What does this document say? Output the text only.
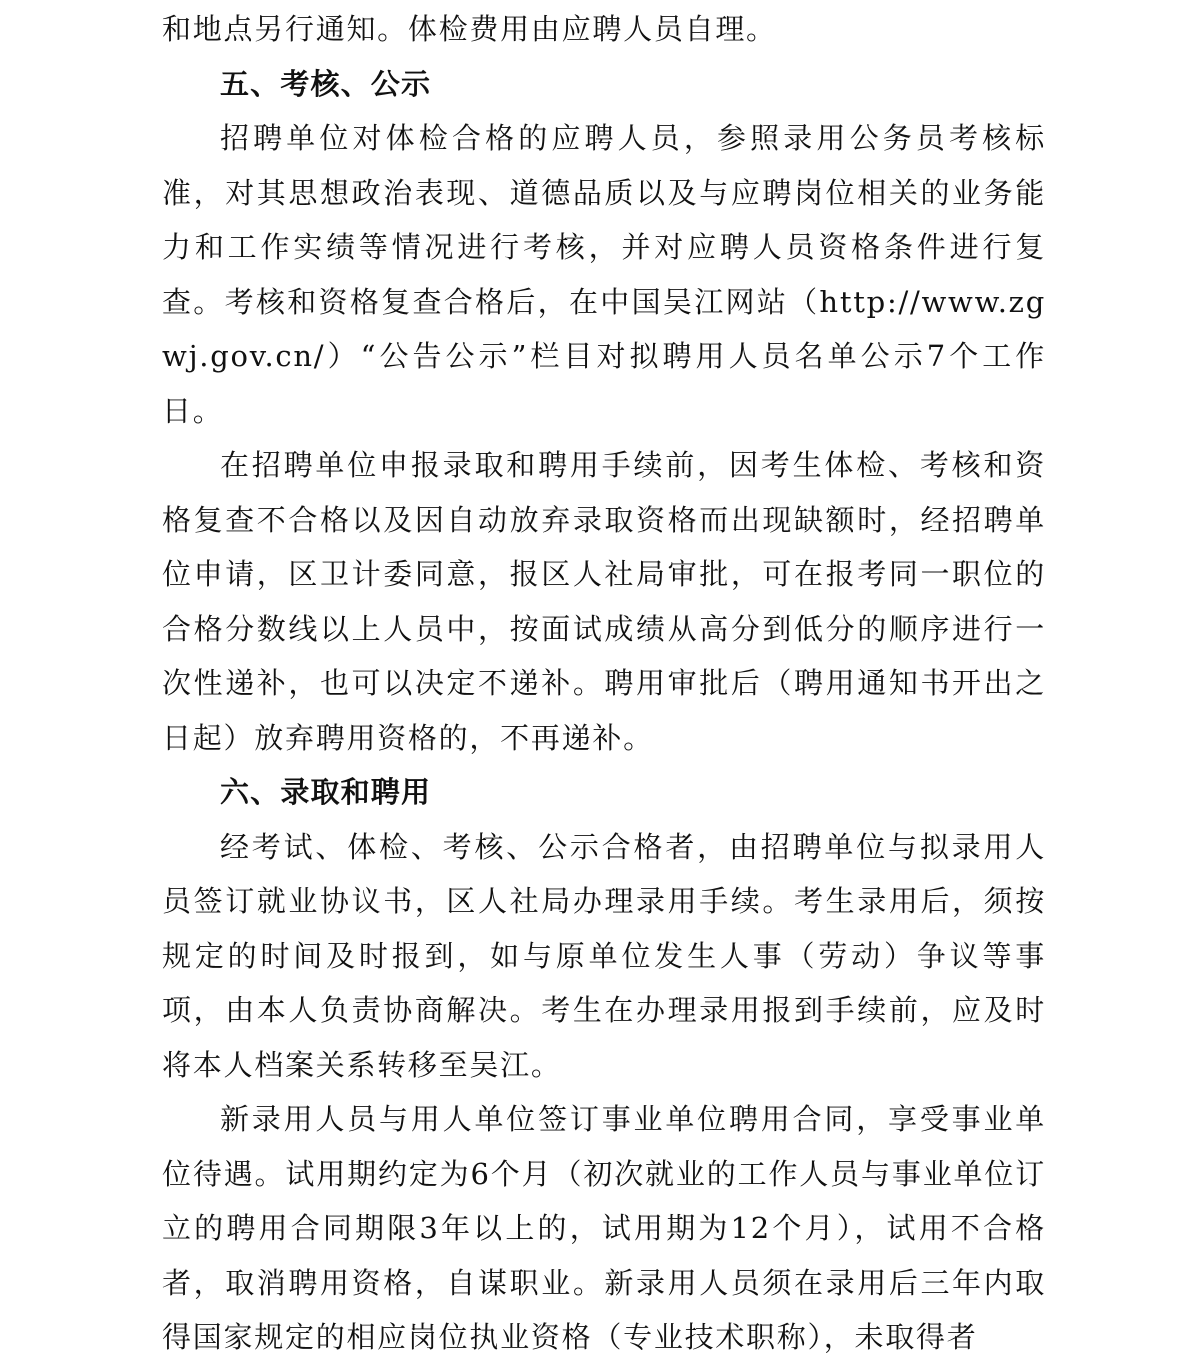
和地点另行通知。体检费用由应聘人员自理。

五、考核、公示

招聘单位对体检合格的应聘人员，参照录用公务员考核标准，对其思想政治表现、道德品质以及与应聘岗位相关的业务能力和工作实绩等情况进行考核，并对应聘人员资格条件进行复查。考核和资格复查合格后，在中国吴江网站（http://www.zgwj.gov.cn/）“公告公示”栏目对拟聘用人员名单公示7个工作日。

在招聘单位申报录取和聘用手续前，因考生体检、考核和资格复查不合格以及因自动放弃录取资格而出现缺额时，经招聘单位申请，区卫计委同意，报区人社局审批，可在报考同一职位的合格分数线以上人员中，按面试成绩从高分到低分的顺序进行一次性递补，也可以决定不递补。聘用审批后（聘用通知书开出之日起）放弃聘用资格的，不再递补。

六、录取和聘用

经考试、体检、考核、公示合格者，由招聘单位与拟录用人员签订就业协议书，区人社局办理录用手续。考生录用后，须按规定的时间及时报到，如与原单位发生人事（劳动）争议等事项，由本人负责协商解决。考生在办理录用报到手续前，应及时将本人档案关系转移至吴江。

新录用人员与用人单位签订事业单位聘用合同，享受事业单位待遇。试用期约定为6个月（初次就业的工作人员与事业单位订立的聘用合同期限3年以上的，试用期为12个月），试用不合格者，取消聘用资格，自谋职业。新录用人员须在录用后三年内取得国家规定的相应岗位执业资格（专业技术职称），未取得者
